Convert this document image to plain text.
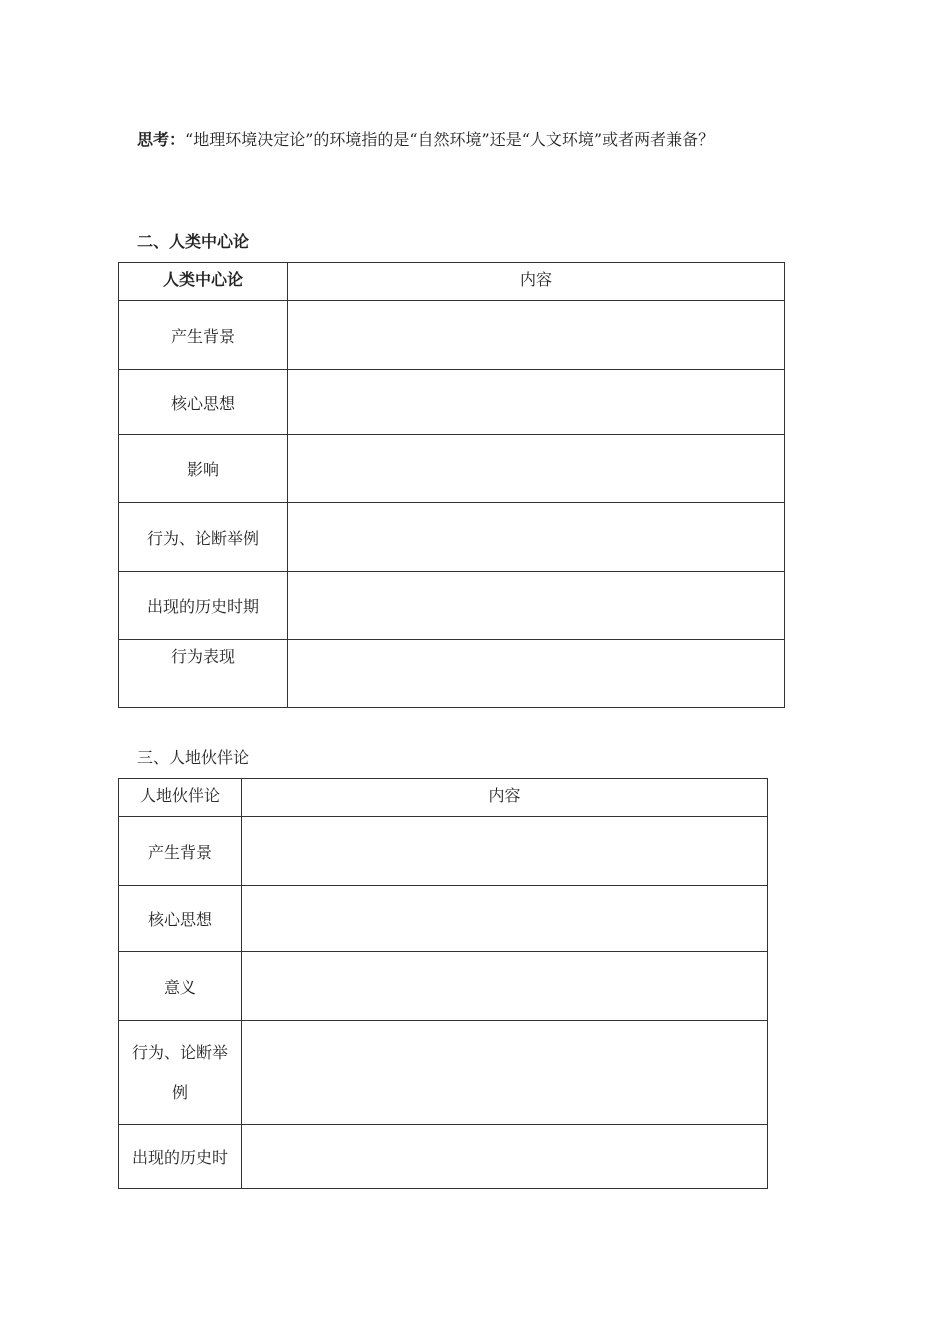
思考：“地理环境决定论”的环境指的是“自然环境”还是“人文环境”或者两者兼备？
二、人类中心论
人类中心论	内容
产生背景	
核心思想	
影响	
行为、论断举例	
出现的历史时期	
行为表现	
三、人地伙伴论
人地伙伴论	内容
产生背景	
核心思想	
意义	
行为、论断举例	
出现的历史时	
